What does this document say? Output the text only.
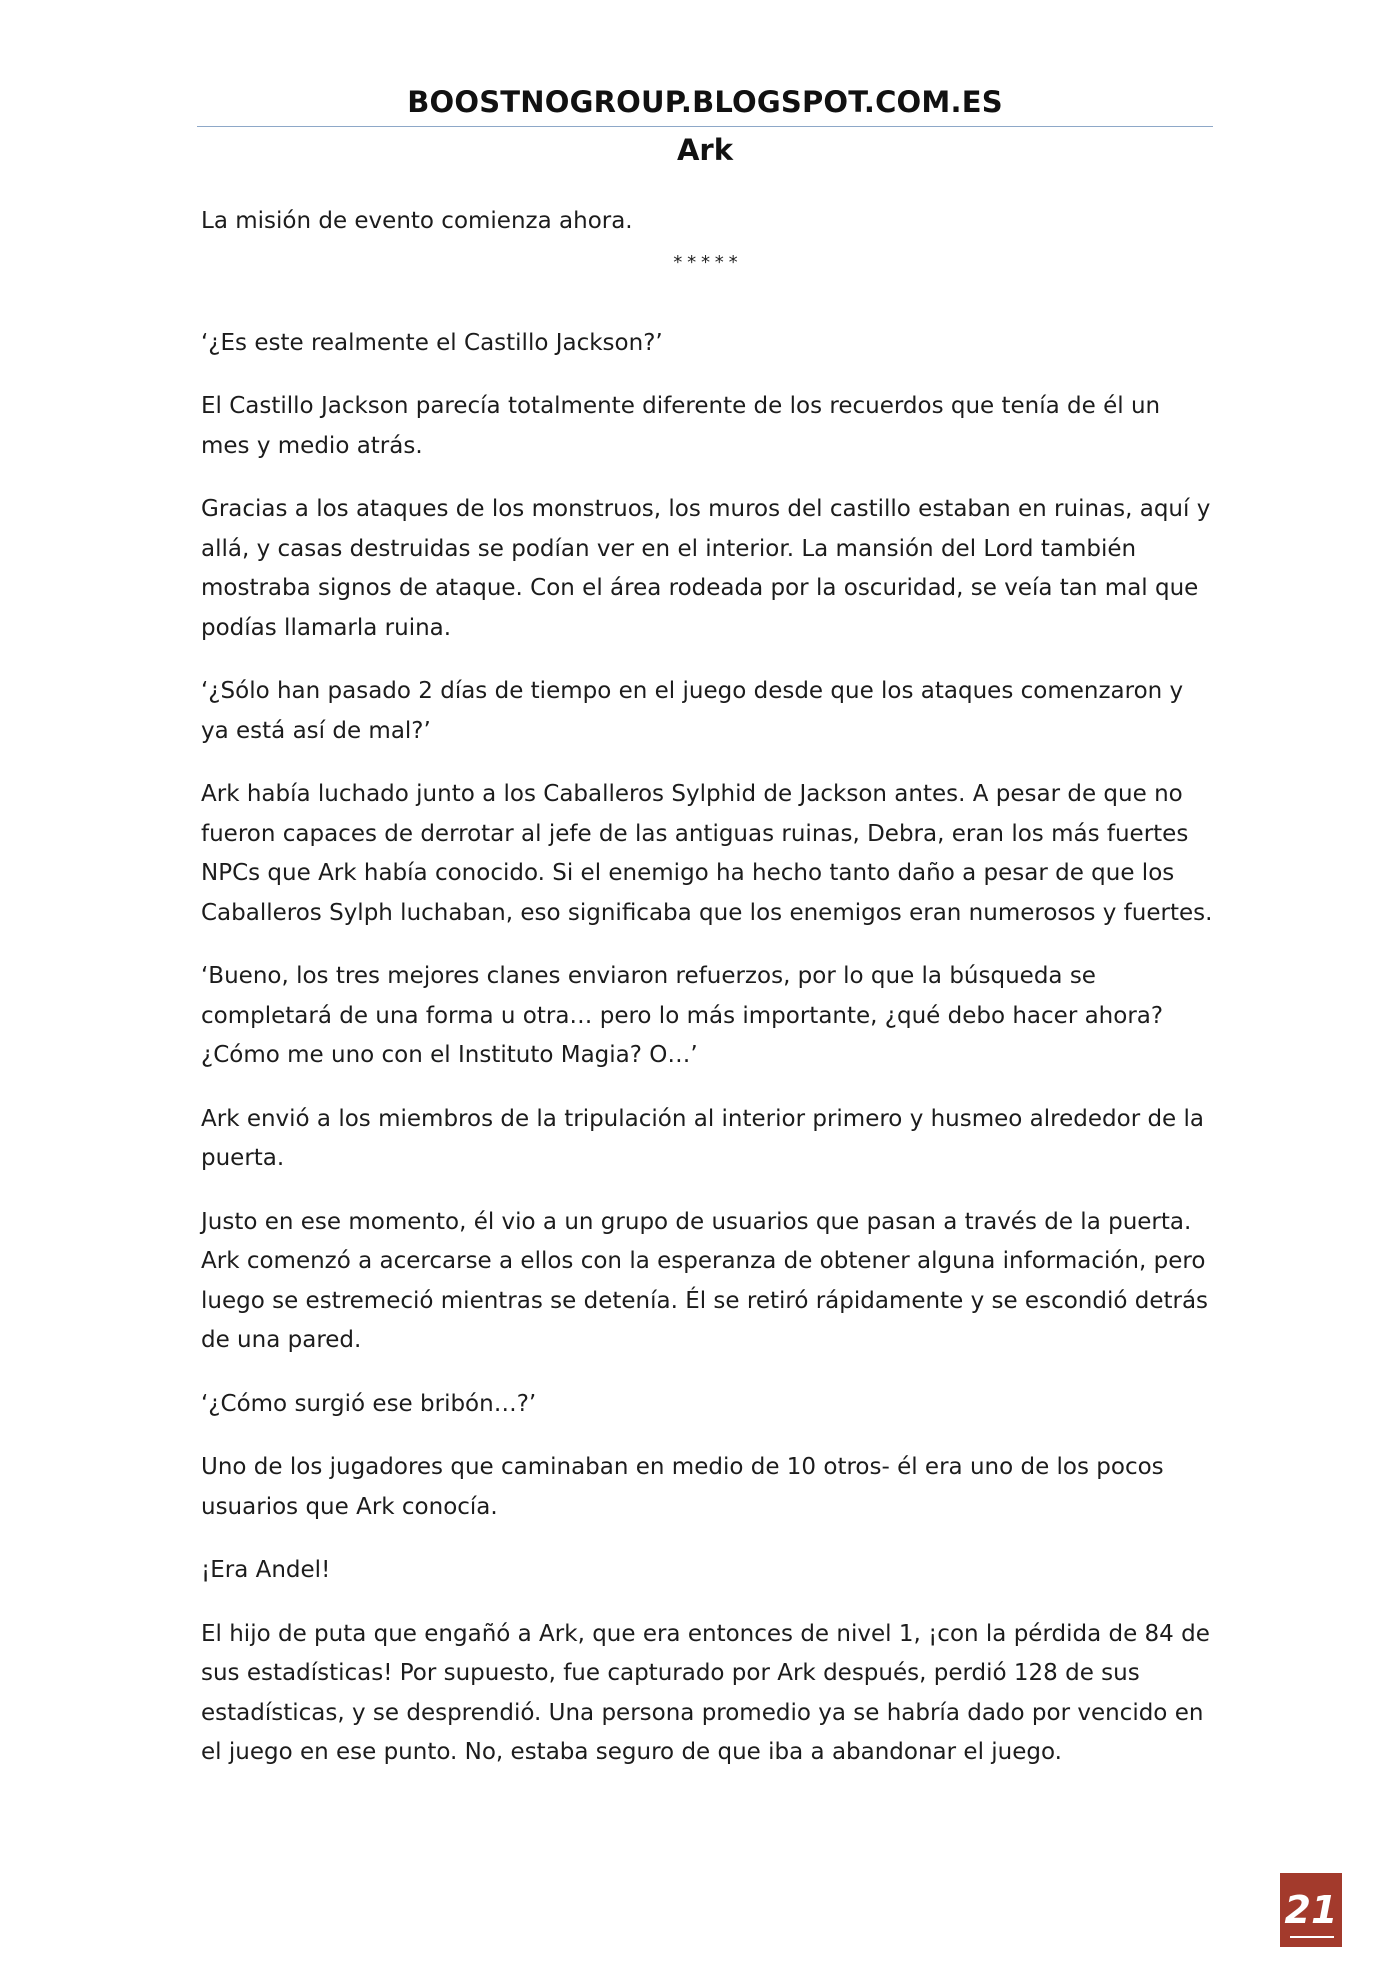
BOOSTNOGROUP.BLOGSPOT.COM.ES
Ark

La misión de evento comienza ahora.

*****

‘¿Es este realmente el Castillo Jackson?’

El Castillo Jackson parecía totalmente diferente de los recuerdos que tenía de él un mes y medio atrás.

Gracias a los ataques de los monstruos, los muros del castillo estaban en ruinas, aquí y allá, y casas destruidas se podían ver en el interior. La mansión del Lord también mostraba signos de ataque. Con el área rodeada por la oscuridad, se veía tan mal que podías llamarla ruina.

‘¿Sólo han pasado 2 días de tiempo en el juego desde que los ataques comenzaron y ya está así de mal?’

Ark había luchado junto a los Caballeros Sylphid de Jackson antes. A pesar de que no fueron capaces de derrotar al jefe de las antiguas ruinas, Debra, eran los más fuertes NPCs que Ark había conocido. Si el enemigo ha hecho tanto daño a pesar de que los Caballeros Sylph luchaban, eso significaba que los enemigos eran numerosos y fuertes.

‘Bueno, los tres mejores clanes enviaron refuerzos, por lo que la búsqueda se completará de una forma u otra… pero lo más importante, ¿qué debo hacer ahora? ¿Cómo me uno con el Instituto Magia? O…’

Ark envió a los miembros de la tripulación al interior primero y husmeo alrededor de la puerta.

Justo en ese momento, él vio a un grupo de usuarios que pasan a través de la puerta. Ark comenzó a acercarse a ellos con la esperanza de obtener alguna información, pero luego se estremeció mientras se detenía. Él se retiró rápidamente y se escondió detrás de una pared.

‘¿Cómo surgió ese bribón…?’

Uno de los jugadores que caminaban en medio de 10 otros- él era uno de los pocos usuarios que Ark conocía.

¡Era Andel!

El hijo de puta que engañó a Ark, que era entonces de nivel 1, ¡con la pérdida de 84 de sus estadísticas! Por supuesto, fue capturado por Ark después, perdió 128 de sus estadísticas, y se desprendió. Una persona promedio ya se habría dado por vencido en el juego en ese punto. No, estaba seguro de que iba a abandonar el juego.

21
